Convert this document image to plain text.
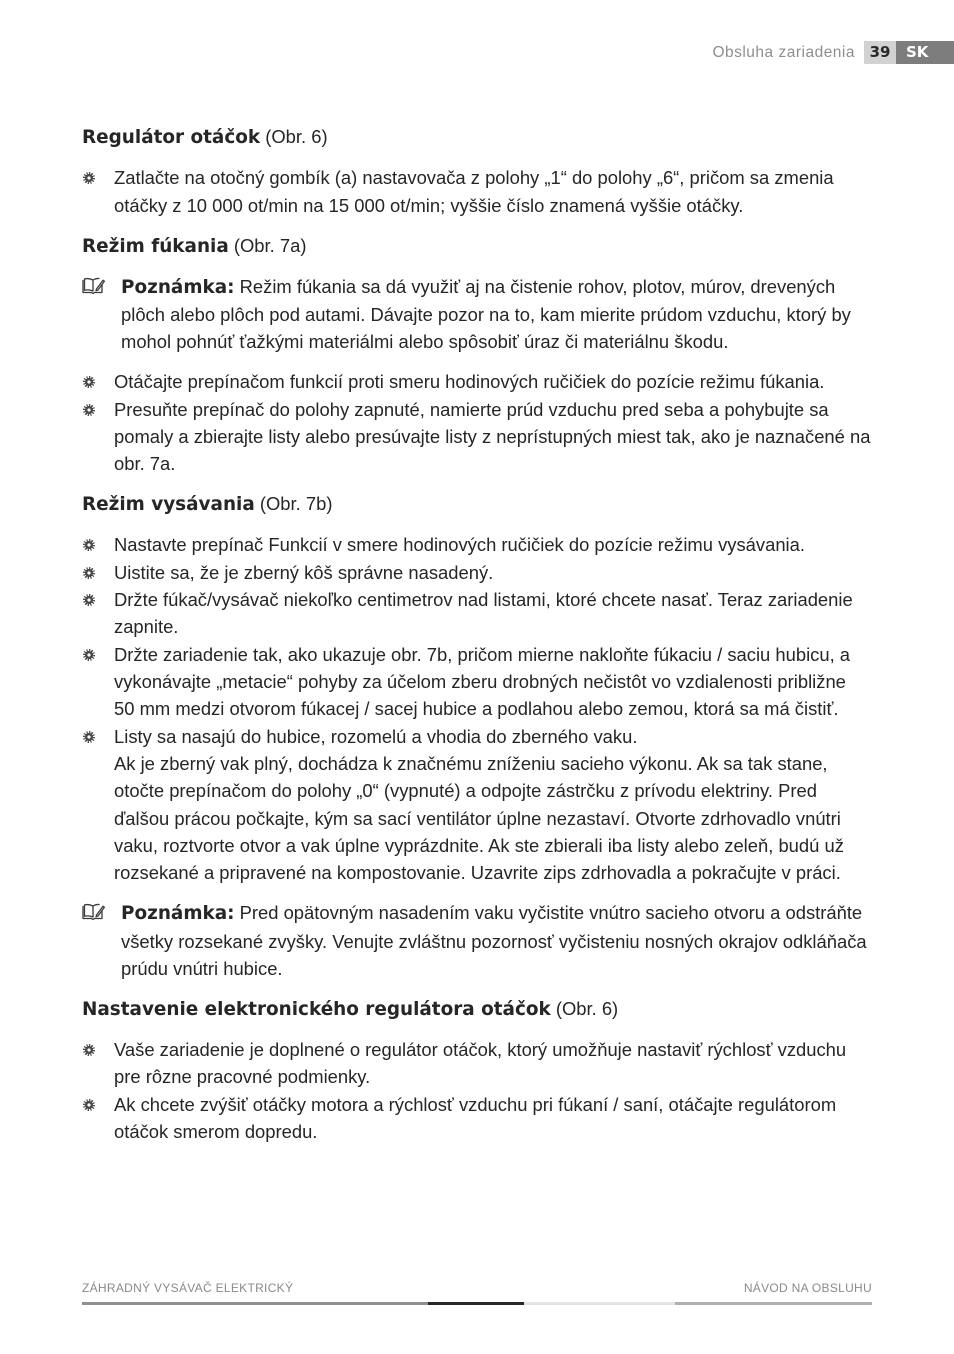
Obsluha zariadenia 39	SK
Regulátor otáčok (Obr. 6)
Zatlačte na otočný gombík (a) nastavovača z polohy „1“ do polohy „6“, pričom sa zmenia
otáčky z 10 000 ot/min na 15 000 ot/min; vyššie číslo znamená vyššie otáčky.
Režim fúkania (Obr. 7a)
Poznámka: Režim fúkania sa dá využiť aj na čistenie rohov, plotov, múrov, drevených
plôch alebo plôch pod autami. Dávajte pozor na to, kam mierite prúdom vzduchu, ktorý by
mohol pohnúť ťažkými materiálmi alebo spôsobiť úraz či materiálnu škodu.
Otáčajte prepínačom funkcií proti smeru hodinových ručičiek do pozície režimu fúkania.
Presuňte prepínač do polohy zapnuté, namierte prúd vzduchu pred seba a pohybujte sa
pomaly a zbierajte listy alebo presúvajte listy z neprístupných miest tak, ako je naznačené na
obr. 7a.
Režim vysávania (Obr. 7b)
Nastavte prepínač Funkcií v smere hodinových ručičiek do pozície režimu vysávania.
Uistite sa, že je zberný kôš správne nasadený.
Držte fúkač/vysávač niekoľko centimetrov nad listami, ktoré chcete nasať. Teraz zariadenie
zapnite.
Držte zariadenie tak, ako ukazuje obr. 7b, pričom mierne nakloňte fúkaciu / saciu hubicu, a
vykonávajte „metacie“ pohyby za účelom zberu drobných nečistôt vo vzdialenosti približne
50 mm medzi otvorom fúkacej / sacej hubice a podlahou alebo zemou, ktorá sa má čistiť.
Listy sa nasajú do hubice, rozomelú a vhodia do zberného vaku.
Ak je zberný vak plný, dochádza k značnému zníženiu sacieho výkonu. Ak sa tak stane,
otočte prepínačom do polohy „0“ (vypnuté) a odpojte zástrčku z prívodu elektriny. Pred
ďalšou prácou počkajte, kým sa sací ventilátor úplne nezastaví. Otvorte zdrhovadlo vnútri
vaku, roztvorte otvor a vak úplne vyprázdnite. Ak ste zbierali iba listy alebo zeleň, budú už
rozsekané a pripravené na kompostovanie. Uzavrite zips zdrhovadla a pokračujte v práci.
Poznámka: Pred opätovným nasadením vaku vyčistite vnútro sacieho otvoru a odstráňte
všetky rozsekané zvyšky. Venujte zvláštnu pozornosť vyčisteniu nosných okrajov odkláňača
prúdu vnútri hubice.
Nastavenie elektronického regulátora otáčok (Obr. 6)
Vaše zariadenie je doplnené o regulátor otáčok, ktorý umožňuje nastaviť rýchlosť vzduchu
pre rôzne pracovné podmienky.
Ak chcete zvýšiť otáčky motora a rýchlosť vzduchu pri fúkaní / saní, otáčajte regulátorom
otáčok smerom dopredu.
ZÁHRADNÝ VYSÁVAČ ELEKTRICKÝ	NÁVOD NA OBSLUHU
